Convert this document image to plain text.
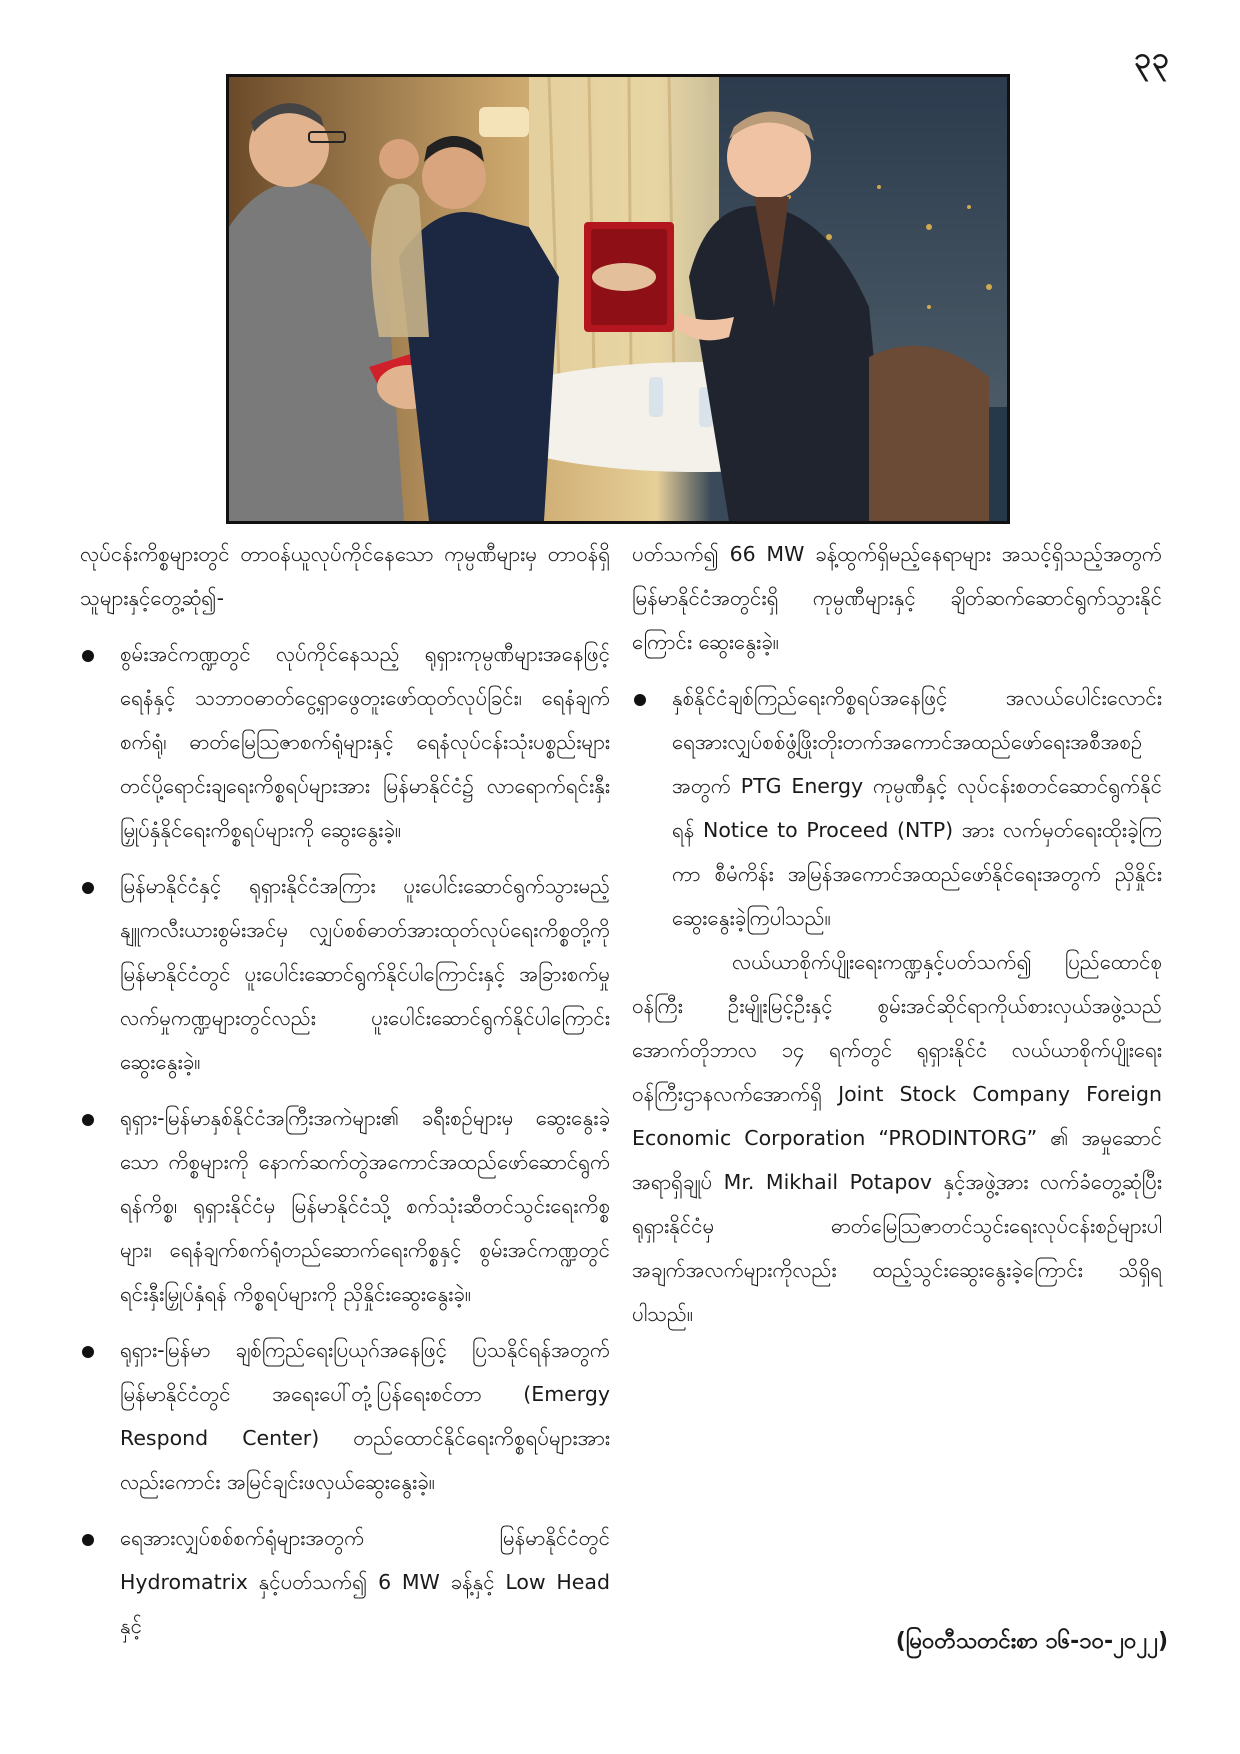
၃၃

လုပ်ငန်းကိစ္စများတွင် တာဝန်ယူလုပ်ကိုင်နေသော ကုမ္ပဏီများမှ တာဝန်ရှိသူများနှင့်တွေ့ဆုံ၍-

စွမ်းအင်ကဏ္ဍတွင် လုပ်ကိုင်နေသည့် ရုရှားကုမ္ပဏီများအနေဖြင့် ရေနံနှင့် သဘာဝဓာတ်ငွေ့ရှာဖွေတူးဖော်ထုတ်လုပ်ခြင်း၊ ရေနံချက်စက်ရုံ၊ ဓာတ်မြေသြဇာစက်ရုံများနှင့် ရေနံလုပ်ငန်းသုံးပစ္စည်းများ တင်ပို့ရောင်းချရေးကိစ္စရပ်များအား မြန်မာနိုင်ငံ၌ လာရောက်ရင်းနှီးမြှုပ်နှံနိုင်ရေးကိစ္စရပ်များကို ဆွေးနွေးခဲ့။
မြန်မာနိုင်ငံနှင့် ရုရှားနိုင်ငံအကြား ပူးပေါင်းဆောင်ရွက်သွားမည့် နျူကလီးယားစွမ်းအင်မှ လျှပ်စစ်ဓာတ်အားထုတ်လုပ်ရေးကိစ္စတို့ကို မြန်မာနိုင်ငံတွင် ပူးပေါင်းဆောင်ရွက်နိုင်ပါကြောင်းနှင့် အခြားစက်မှုလက်မှုကဏ္ဍများတွင်လည်း ပူးပေါင်းဆောင်ရွက်နိုင်ပါကြောင်း ဆွေးနွေးခဲ့။
ရုရှား-မြန်မာနှစ်နိုင်ငံအကြီးအကဲများ၏ ခရီးစဉ်များမှ ဆွေးနွေးခဲ့သော ကိစ္စများကို နောက်ဆက်တွဲအကောင်အထည်ဖော်ဆောင်ရွက်ရန်ကိစ္စ၊ ရုရှားနိုင်ငံမှ မြန်မာနိုင်ငံသို့ စက်သုံးဆီတင်သွင်းရေးကိစ္စများ၊ ရေနံချက်စက်ရုံတည်ဆောက်ရေးကိစ္စနှင့် စွမ်းအင်ကဏ္ဍတွင် ရင်းနှီးမြှုပ်နှံရန် ကိစ္စရပ်များကို ညှိနှိုင်းဆွေးနွေးခဲ့။
ရုရှား-မြန်မာ ချစ်ကြည်ရေးပြယုဂ်အနေဖြင့် ပြသနိုင်ရန်အတွက် မြန်မာနိုင်ငံတွင် အရေးပေါ်တုံ့ပြန်ရေးစင်တာ (Emergy Respond Center) တည်ထောင်နိုင်ရေးကိစ္စရပ်များအားလည်းကောင်း အမြင်ချင်းဖလှယ်ဆွေးနွေးခဲ့။
ရေအားလျှပ်စစ်စက်ရုံများအတွက် မြန်မာနိုင်ငံတွင် Hydromatrix နှင့်ပတ်သက်၍ 6 MW ခန့်နှင့် Low Head နှင့်

ပတ်သက်၍ 66 MW ခန့်ထွက်ရှိမည့်နေရာများ အသင့်ရှိသည့်အတွက် မြန်မာနိုင်ငံအတွင်းရှိ ကုမ္ပဏီများနှင့် ချိတ်ဆက်ဆောင်ရွက်သွားနိုင်ကြောင်း ဆွေးနွေးခဲ့။

နှစ်နိုင်ငံချစ်ကြည်ရေးကိစ္စရပ်အနေဖြင့် အလယ်ပေါင်းလောင်း ရေအားလျှပ်စစ်ဖွံ့ဖြိုးတိုးတက်အကောင်အထည်ဖော်ရေးအစီအစဉ်အတွက် PTG Energy ကုမ္ပဏီနှင့် လုပ်ငန်းစတင်ဆောင်ရွက်နိုင်ရန် Notice to Proceed (NTP) အား လက်မှတ်ရေးထိုးခဲ့ကြကာ စီမံကိန်း အမြန်အကောင်အထည်ဖော်နိုင်ရေးအတွက် ညှိနှိုင်းဆွေးနွေးခဲ့ကြပါသည်။

လယ်ယာစိုက်ပျိုးရေးကဏ္ဍနှင့်ပတ်သက်၍ ပြည်ထောင်စုဝန်ကြီး ဦးမျိုးမြင့်ဦးနှင့် စွမ်းအင်ဆိုင်ရာကိုယ်စားလှယ်အဖွဲ့သည် အောက်တိုဘာလ ၁၄ ရက်တွင် ရုရှားနိုင်ငံ လယ်ယာစိုက်ပျိုးရေးဝန်ကြီးဌာနလက်အောက်ရှိ Joint Stock Company Foreign Economic Corporation “PRODINTORG” ၏ အမှုဆောင်အရာရှိချုပ် Mr. Mikhail Potapov နှင့်အဖွဲ့အား လက်ခံတွေ့ဆုံပြီး ရုရှားနိုင်ငံမှ ဓာတ်မြေသြဇာတင်သွင်းရေးလုပ်ငန်းစဉ်များပါ အချက်အလက်များကိုလည်း ထည့်သွင်းဆွေးနွေးခဲ့ကြောင်း သိရှိရပါသည်။

(မြဝတီသတင်းစာ ၁၆-၁၀-၂၀၂၂)
